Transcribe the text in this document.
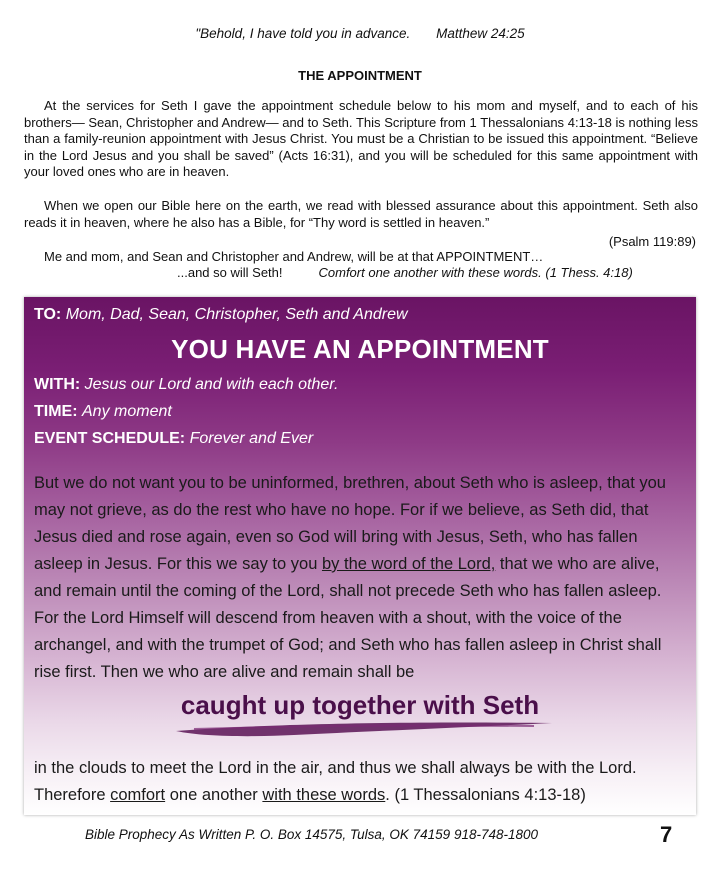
"Behold, I have told you in advance. Matthew 24:25
THE APPOINTMENT
At the services for Seth I gave the appointment schedule below to his mom and myself, and to each of his brothers— Sean, Christopher and Andrew— and to Seth. This Scripture from 1 Thessalonians 4:13-18 is nothing less than a family-reunion appointment with Jesus Christ. You must be a Christian to be issued this appointment. “Believe in the Lord Jesus and you shall be saved” (Acts 16:31), and you will be scheduled for this same appointment with your loved ones who are in heaven.
When we open our Bible here on the earth, we read with blessed assurance about this appointment. Seth also reads it in heaven, where he also has a Bible, for “Thy word is settled in heaven.”
(Psalm 119:89)
Me and mom, and Sean and Christopher and Andrew, will be at that APPOINTMENT…
...and so will Seth!	Comfort one another with these words. (1 Thess. 4:18)
TO: Mom, Dad, Sean, Christopher, Seth and Andrew
YOU HAVE AN APPOINTMENT
WITH: Jesus our Lord and with each other.
TIME: Any moment
EVENT SCHEDULE: Forever and Ever
But we do not want you to be uninformed, brethren, about Seth who is asleep, that you may not grieve, as do the rest who have no hope. For if we believe, as Seth did, that Jesus died and rose again, even so God will bring with Jesus, Seth, who has fallen asleep in Jesus. For this we say to you by the word of the Lord, that we who are alive, and remain until the coming of the Lord, shall not precede Seth who has fallen asleep. For the Lord Himself will descend from heaven with a shout, with the voice of the archangel, and with the trumpet of God; and Seth who has fallen asleep in Christ shall rise first. Then we who are alive and remain shall be
caught up together with Seth
in the clouds to meet the Lord in the air, and thus we shall always be with the Lord. Therefore comfort one another with these words. (1 Thessalonians 4:13-18)
Bible Prophecy As Written P. O. Box 14575, Tulsa, OK 74159 918-748-1800	7
